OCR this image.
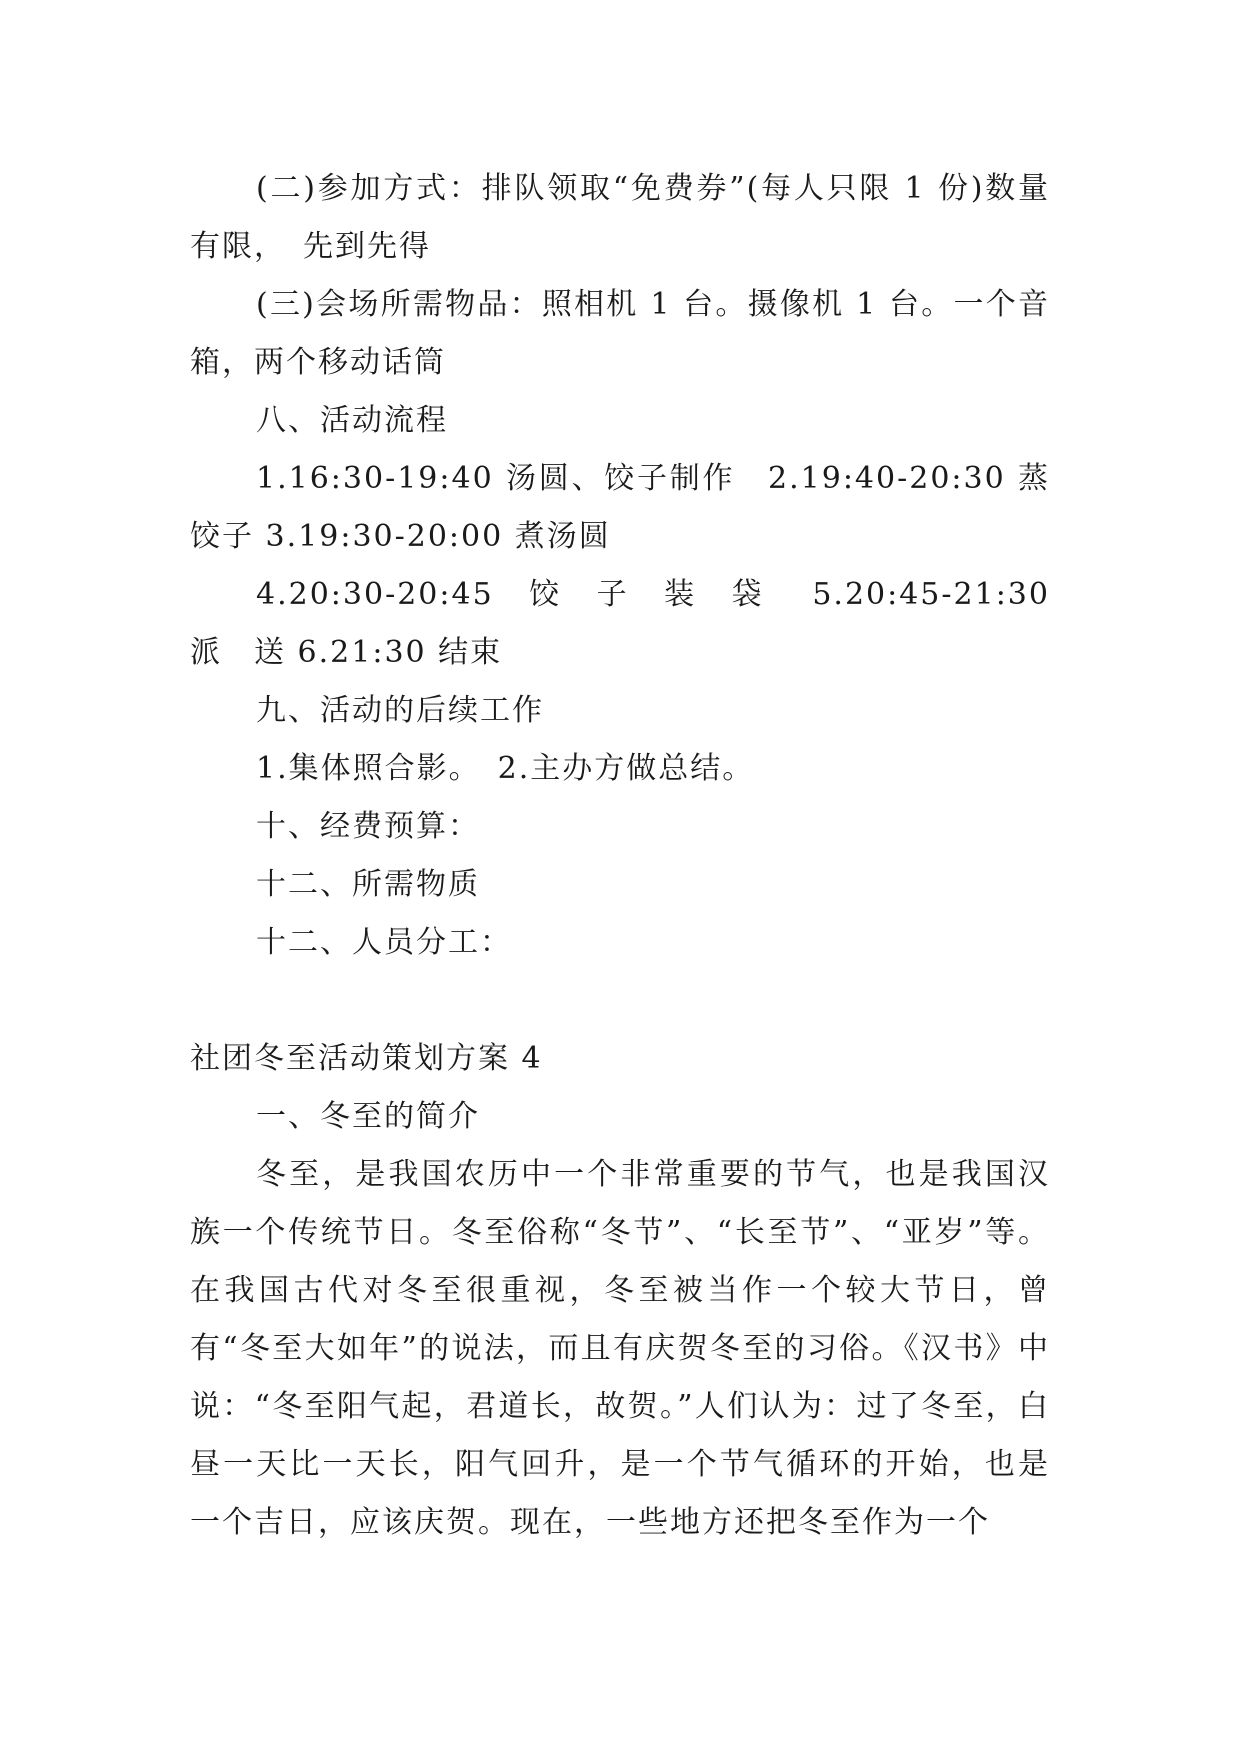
(二)参加方式：排队领取“免费券”(每人只限 1 份)数量有限，　先到先得

(三)会场所需物品：照相机 1 台。摄像机 1 台。一个音箱，两个移动话筒

八、活动流程

1.16:30-19:40 汤圆、饺子制作　2.19:40-20:30 蒸饺子 3.19:30-20:00 煮汤圆

4.20:30-20:45　饺　子　装　袋　 5.20:45-21:30　派　送 6.21:30 结束

九、活动的后续工作

1.集体照合影。　2.主办方做总结。

十、经费预算：

十二、所需物质

十二、人员分工：

社团冬至活动策划方案 4

一、冬至的简介

冬至，是我国农历中一个非常重要的节气，也是我国汉族一个传统节日。冬至俗称“冬节”、“长至节”、“亚岁”等。在我国古代对冬至很重视，冬至被当作一个较大节日，曾有“冬至大如年”的说法，而且有庆贺冬至的习俗。《汉书》中说：“冬至阳气起，君道长，故贺。”人们认为：过了冬至，白昼一天比一天长，阳气回升，是一个节气循环的开始，也是一个吉日，应该庆贺。现在，一些地方还把冬至作为一个
